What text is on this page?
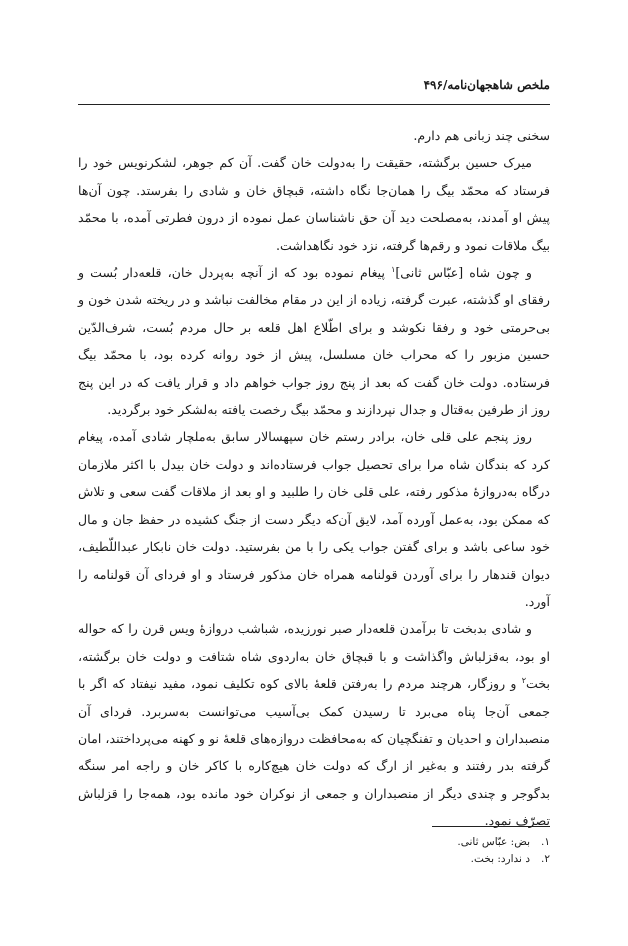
ملخص شاهجهان‌نامه/۴۹۶

سخنی چند زبانی هم دارم.

میرک حسین برگشته، حقیقت را به‌دولت خان گفت. آن کم جوهر، لشکرنویس خود را فرستاد که محمّد بیگ را همان‌جا نگاه داشته، قبچاق خان و شادی را بفرستد. چون آن‌ها پیش او آمدند، به‌مصلحت دید آن حق ناشناسان عمل نموده از درون فطرتی آمده، با محمّد بیگ ملاقات نمود و رقم‌ها گرفته، نزد خود نگاهداشت.

و چون شاه [عبّاس ثانی]$^۱$ پیغام نموده بود که از آنچه به‌پردل خان، قلعه‌دار بُست و رفقای او گذشته، عبرت گرفته، زیاده از این در مقام مخالفت نباشد و در ریخته شدن خون و بی‌حرمتی خود و رفقا نکوشد و برای اطّلاع اهل قلعه بر حال مردم بُست، شرف‌الدّین حسین مزبور را که محراب خان مسلسل، پیش از خود روانه کرده بود، با محمّد بیگ فرستاده. دولت خان گفت که بعد از پنج روز جواب خواهم داد و قرار یافت که در این پنج روز از طرفین به‌قتال و جدال نپردازند و محمّد بیگ رخصت یافته به‌لشکر خود برگردید.

روز پنجم علی قلی خان، برادر رستم خان سپهسالار سابق به‌ملچار شادی آمده، پیغام کرد که بندگان شاه مرا برای تحصیل جواب فرستاده‌اند و دولت خان بیدل با اکثر ملازمان درگاه به‌دروازهٔ مذکور رفته، علی قلی خان را طلبید و او بعد از ملاقات گفت سعی و تلاش که ممکن بود، به‌عمل آورده آمد، لایق آن‌که دیگر دست از جنگ کشیده در حفظ جان و مال خود ساعی باشد و برای گفتن جواب یکی را با من بفرستید. دولت خان نابکار عبداللّطیف، دیوان قندهار را برای آوردن قولنامه همراه خان مذکور فرستاد و او فردای آن قولنامه را آورد.

و شادی بدبخت تا برآمدن قلعه‌دار صبر نورزیده، شباشب دروازهٔ ویس قرن را که حواله او بود، به‌قزلباش واگذاشت و با قبچاق خان به‌اردوی شاه شتافت و دولت خان برگشته، بخت$^۲$ و روزگار، هرچند مردم را به‌رفتن قلعهٔ بالای کوه تکلیف نمود، مفید نیفتاد که اگر با جمعی آن‌جا پناه می‌برد تا رسیدن کمک بی‌آسیب می‌توانست به‌سربرد. فردای آن منصبداران و احدیان و تفنگچیان که به‌محافظت دروازه‌های قلعهٔ نو و کهنه می‌پرداختند، امان گرفته بدر رفتند و به‌غیر از ارگ که دولت خان هیچ‌کاره با کاکر خان و راجه امر سنگه بدگوجر و چندی دیگر از منصبداران و جمعی از نوکران خود مانده بود، همه‌جا را قزلباش تصرّف نمود.

۱.بض: عبّاس ثانی.
۲.د ندارد: بخت.
